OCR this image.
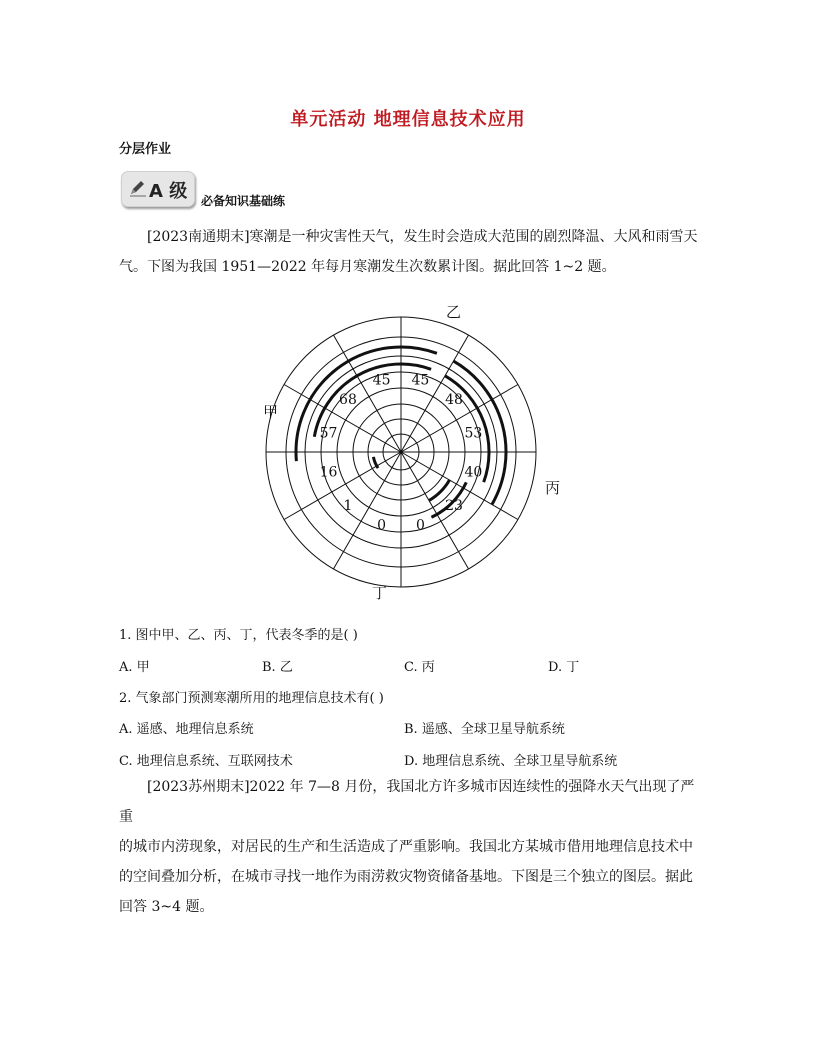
单元活动 地理信息技术应用
分层作业
A 级 必备知识基础练

[2023南通期末]寒潮是一种灾害性天气，发生时会造成大范围的剧烈降温、大风和雨雪天
气。下图为我国 1951—2022 年每月寒潮发生次数累计图。据此回答 1~2 题。

45
48
53
40
23
0
0
1
16
57
68
45
乙
丙
丁
甲
1. 图中甲、乙、丙、丁，代表冬季的是( )
A. 甲	B. 乙	C. 丙	D. 丁
2. 气象部门预测寒潮所用的地理信息技术有( )
A. 遥感、地理信息系统	B. 遥感、全球卫星导航系统
C. 地理信息系统、互联网技术	D. 地理信息系统、全球卫星导航系统

[2023苏州期末]2022 年 7—8 月份，我国北方许多城市因连续性的强降水天气出现了严重
的城市内涝现象，对居民的生产和生活造成了严重影响。我国北方某城市借用地理信息技术中
的空间叠加分析，在城市寻找一地作为雨涝救灾物资储备基地。下图是三个独立的图层。据此
回答 3~4 题。
